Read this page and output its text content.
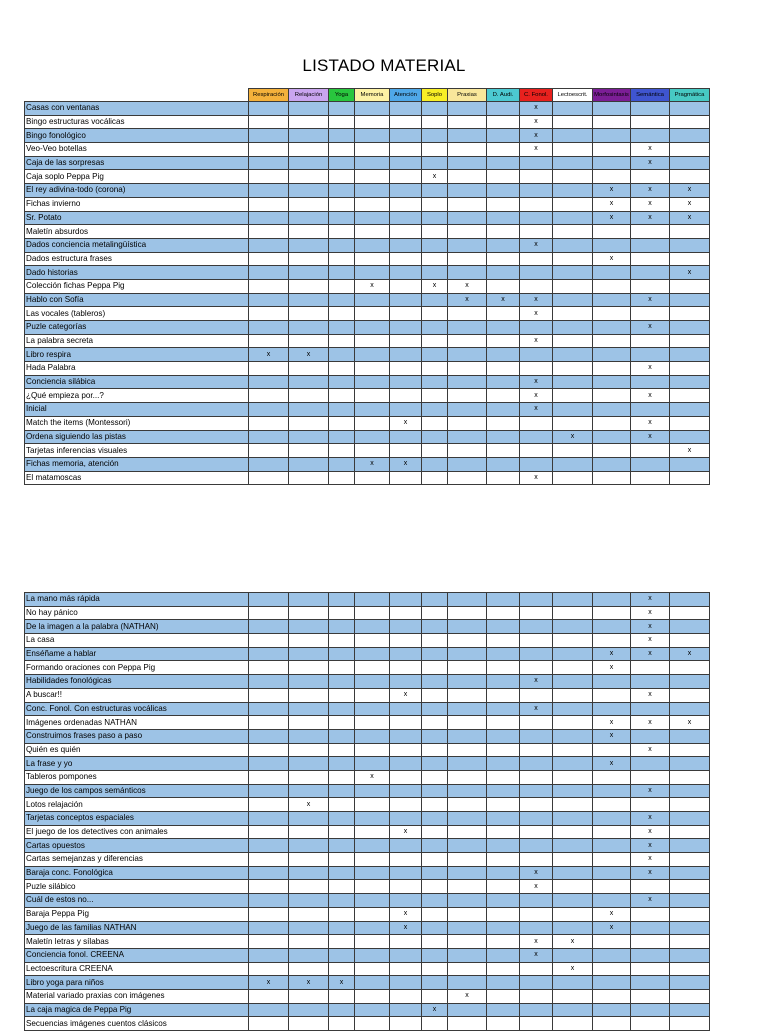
LISTADO MATERIAL
	Respiración	Relajación	Yoga	Memoria	Atención	Soplo	Praxias	D. Audi.	C. Fonol.	Lectoescrit.	Morfosintaxis	Semántica	Pragmática
Casas con ventanas									x				
Bingo estructuras vocálicas									x				
Bingo fonológico									x				
Veo-Veo botellas									x			x	
Caja de las sorpresas												x	
Caja soplo Peppa Pig						x							
El rey adivina-todo (corona)											x	x	x
Fichas invierno											x	x	x
Sr. Potato											x	x	x
Maletín absurdos													
Dados conciencia metalingüística									x				
Dados estructura frases											x		
Dado historias													x
Colección fichas Peppa Pig				x		x	x						
Hablo con Sofía							x	x	x			x	
Las vocales (tableros)									x				
Puzle categorías												x	
La palabra secreta									x				
Libro respira	x	x											
Hada Palabra												x	
Conciencia silábica									x				
¿Qué empieza por...?									x			x	
Inicial									x				
Match the items (Montessori)					x							x	
Ordena siguiendo las pistas										x		x	
Tarjetas inferencias visuales													x
Fichas memoria, atención				x	x								
El matamoscas									x				
La mano más rápida												x	
No hay pánico												x	
De la imagen a la palabra (NATHAN)												x	
La casa												x	
Enséñame a hablar											x	x	x
Formando oraciones con Peppa Pig											x		
Habilidades fonológicas									x				
A buscar!!					x							x	
Conc. Fonol. Con estructuras vocálicas									x				
Imágenes ordenadas NATHAN											x	x	x
Construimos frases paso a paso											x		
Quién es quién												x	
La frase y yo											x		
Tableros pompones				x									
Juego de los campos semánticos												x	
Lotos relajación		x											
Tarjetas conceptos espaciales												x	
El juego de los detectives con animales					x							x	
Cartas opuestos												x	
Cartas semejanzas y diferencias												x	
Baraja conc. Fonológica									x			x	
Puzle silábico									x				
Cuál de estos no...												x	
Baraja Peppa Pig					x						x		
Juego de las familias NATHAN					x						x		
Maletín letras y sílabas									x	x			
Conciencia fonol. CREENA									x				
Lectoescritura CREENA										x			
Libro yoga para niños	x	x	x										
Material variado praxias con imágenes							x						
La caja magica de Peppa Pig						x							
Secuencias imágenes cuentos clásicos													
